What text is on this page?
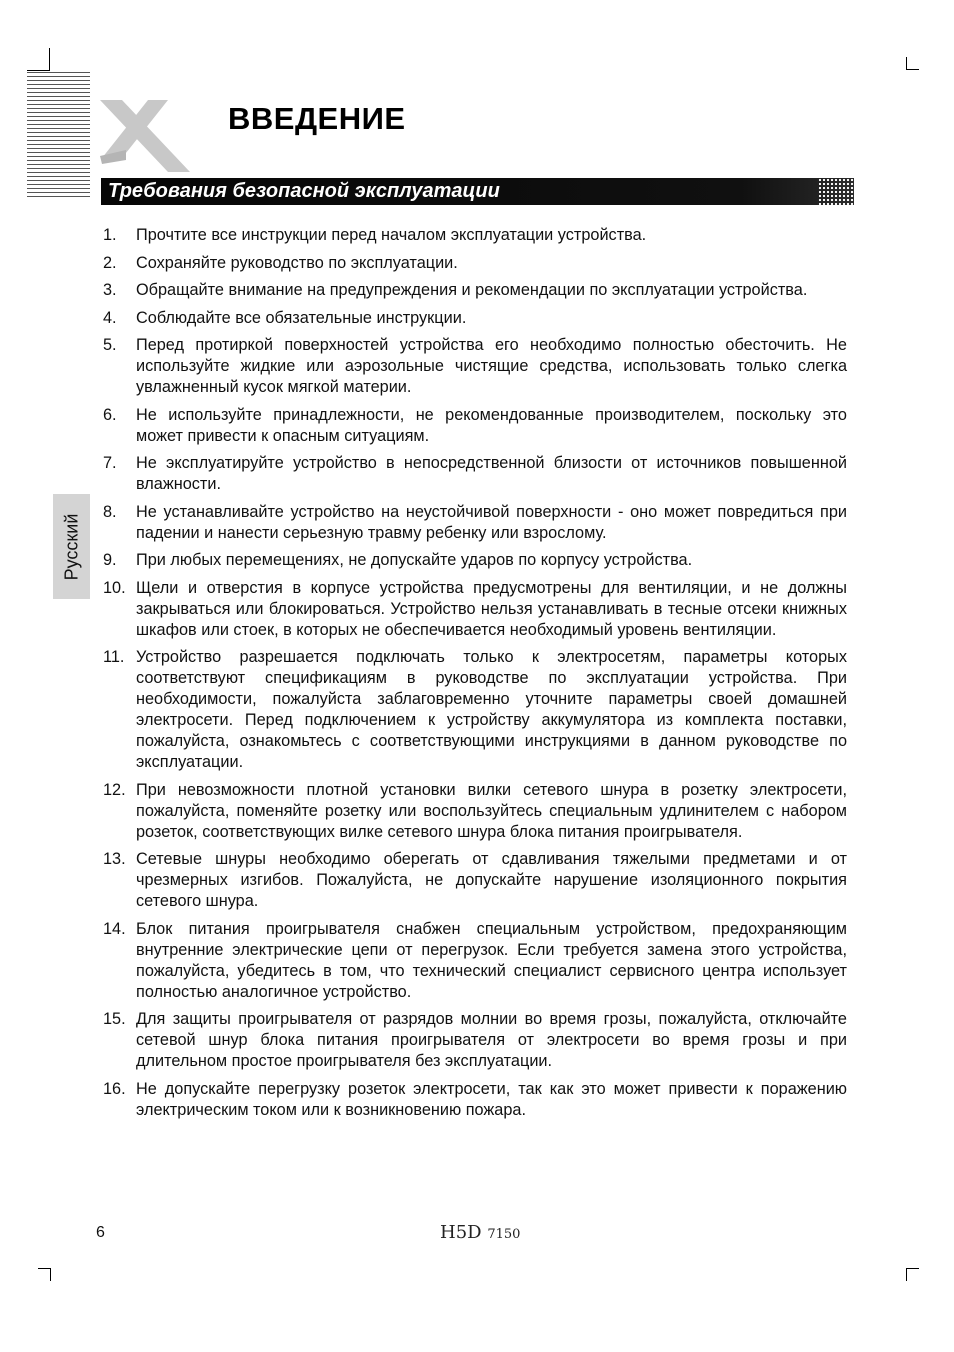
ВВЕДЕНИЕ
Требования безопасной эксплуатации
Русский
1. Прочтите все инструкции перед началом эксплуатации устройства.
2. Сохраняйте руководство по эксплуатации.
3. Обращайте внимание на предупреждения и рекомендации по эксплуатации устройства.
4. Соблюдайте все обязательные инструкции.
5. Перед протиркой поверхностей устройства его необходимо полностью обесточить. Не используйте жидкие или аэрозольные чистящие средства, использовать только слегка увлажненный кусок мягкой материи.
6. Не используйте принадлежности, не рекомендованные производителем, поскольку это может привести к опасным ситуациям.
7. Не эксплуатируйте устройство в непосредственной близости от источников повышенной влажности.
8. Не устанавливайте устройство на неустойчивой поверхности - оно может повредиться при падении и нанести серьезную травму ребенку или взрослому.
9. При любых перемещениях, не допускайте ударов по корпусу устройства.
10. Щели и отверстия в корпусе устройства предусмотрены для вентиляции, и не должны закрываться или блокироваться. Устройство нельзя устанавливать в тесные отсеки книжных шкафов или стоек, в которых не обеспечивается необходимый уровень вентиляции.
11. Устройство разрешается подключать только к электросетям, параметры которых соответствуют спецификациям в руководстве по эксплуатации устройства. При необходимости, пожалуйста заблаговременно уточните параметры своей домашней электросети. Перед подключением к устройству аккумулятора из комплекта поставки, пожалуйста, ознакомьтесь с соответствующими инструкциями в данном руководстве по эксплуатации.
12. При невозможности плотной установки вилки сетевого шнура в розетку электросети, пожалуйста, поменяйте розетку или воспользуйтесь специальным удлинителем с набором розеток, соответствующих вилке сетевого шнура блока питания проигрывателя.
13. Сетевые шнуры необходимо оберегать от сдавливания тяжелыми предметами и от чрезмерных изгибов. Пожалуйста, не допускайте нарушение изоляционного покрытия сетевого шнура.
14. Блок питания проигрывателя снабжен специальным устройством, предохраняющим внутренние электрические цепи от перегрузок. Если требуется замена этого устройства, пожалуйста, убедитесь в том, что технический специалист сервисного центра использует полностью аналогичное устройство.
15. Для защиты проигрывателя от разрядов молнии во время грозы, пожалуйста, отключайте сетевой шнур блока питания проигрывателя от электросети во время грозы и при длительном простое проигрывателя без эксплуатации.
16. Не допускайте перегрузку розеток электросети, так как это может привести к поражению электрическим током или к возникновению пожара.
6	H5D 7150
